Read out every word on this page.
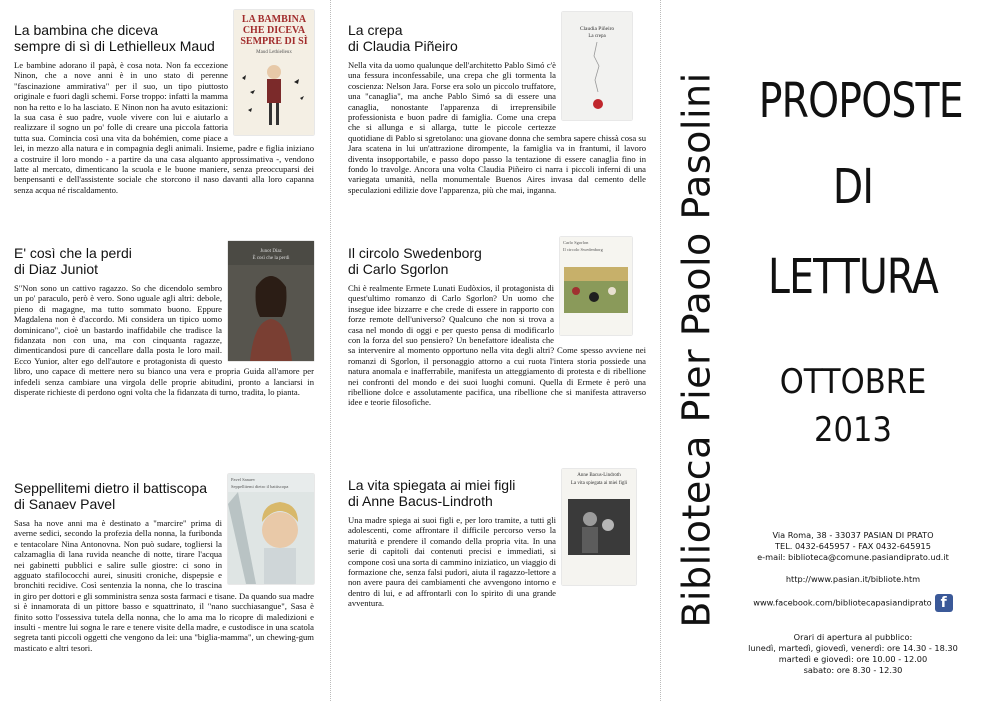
LA BAMBINA CHE DICEVA SEMPRE DI SÌ
Maud Lethielleux
La bambina che diceva
sempre di sì di Lethielleux Maud

Le bambine adorano il papà, è cosa nota. Non fa eccezione Ninon, che a nove anni è in uno stato di perenne "fascinazione ammirativa" per il suo, un tipo piuttosto originale e fuori dagli schemi. Forse troppo: infatti la mamma non ha retto e lo ha lasciato. E Ninon non ha avuto esitazioni: la sua casa è suo padre, vuole vivere con lui e aiutarlo a realizzare il sogno un po' folle di creare una piccola fattoria tutta sua. Comincia così una vita da bohémien, come piace a lei, in mezzo alla natura e in compagnia degli animali. Insieme, padre e figlia iniziano a costruire il loro mondo - a partire da una casa alquanto approssimativa -, vendono latte al mercato, dimenticano la scuola e le buone maniere, senza preoccuparsi dei benpensanti e dell'assistente sociale che storcono il naso davanti alla loro capanna senza acqua né riscaldamento.

Junot Díaz
È così che la perdi
E' così che la perdi
di Diaz Juniot

S"Non sono un cattivo ragazzo. So che dicendolo sembro un po' paraculo, però è vero. Sono uguale agli altri: debole, pieno di magagne, ma tutto sommato buono. Eppure Magdalena non è d'accordo. Mi considera un tipico uomo dominicano", cioè un bastardo inaffidabile che tradisce la fidanzata non con una, ma con cinquanta ragazze, dimenticandosi pure di cancellare dalla posta le loro mail. Ecco Yunior, alter ego dell'autore e protagonista di questo libro, uno capace di mettere nero su bianco una vera e propria Guida all'amore per infedeli senza cambiare una virgola delle proprie abitudini, pronto a lanciarsi in disperate richieste di perdono ogni volta che la fidanzata di turno, tradita, lo pianta.

Pavel Sanaev
Seppellitemi dietro il battiscopa
Seppellitemi dietro il battiscopa
di Sanaev Pavel

Sasa ha nove anni ma è destinato a "marcire" prima di averne sedici, secondo la profezia della nonna, la furibonda e tentacolare Nina Antonovna. Non può sudare, togliersi la calzamaglia di lana ruvida neanche di notte, tirare l'acqua nei gabinetti pubblici e salire sulle giostre: ci sono in agguato stafilococchi aurei, sinusiti croniche, dispepsie e bronchiti recidive. Così sentenzia la nonna, che lo trascina in giro per dottori e gli somministra senza sosta farmaci e tisane. Da quando sua madre si è innamorata di un pittore basso e squattrinato, il "nano succhiasangue", Sasa è finito sotto l'ossessiva tutela della nonna, che lo ama ma lo ricopre di maledizioni e insulti - mentre lui sogna le rare e tenere visite della madre, e custodisce in una scatola segreta tanti piccoli oggetti che vengono da lei: una "biglia-mamma", un chewing-gum masticato e altri tesori.

Claudia Piñeiro
La crepa
La crepa
di Claudia Piñeiro

Nella vita da uomo qualunque dell'architetto Pablo Simó c'è una fessura inconfessabile, una crepa che gli tormenta la coscienza: Nelson Jara. Forse era solo un piccolo truffatore, una "canaglia", ma anche Pablo Simó sa di essere una canaglia, nonostante l'apparenza di irreprensibile professionista e buon padre di famiglia. Come una crepa che si allunga e si allarga, tutte le piccole certezze quotidiane di Pablo si sgretolano: una giovane donna che sembra sapere chissà cosa su Jara scatena in lui un'attrazione dirompente, la famiglia va in frantumi, il lavoro diventa insopportabile, e passo dopo passo la tentazione di essere canaglia fino in fondo lo travolge. Ancora una volta Claudia Piñeiro ci narra i piccoli inferni di una variegata umanità, nella monumentale Buenos Aires invasa dal cemento delle speculazioni edilizie dove l'apparenza, più che mai, inganna.

Carlo Sgorlon
Il circolo Swedenborg
Il circolo Swedenborg
di Carlo Sgorlon

Chi è realmente Ermete Lunati Eudòxios, il protagonista di quest'ultimo romanzo di Carlo Sgorlon? Un uomo che insegue idee bizzarre e che crede di essere in rapporto con forze remote dell'universo? Qualcuno che non si trova a casa nel mondo di oggi e per questo pensa di modificarlo con la forza del suo pensiero? Un benefattore idealista che sa intervenire al momento opportuno nella vita degli altri? Come spesso avviene nei romanzi di Sgorlon, il personaggio attorno a cui ruota l'intera storia possiede una natura anomala e inafferrabile, manifesta un atteggiamento di protesta e di ribellione nei confronti del mondo e dei suoi luoghi comuni. Quella di Ermete è però una ribellione dolce e assolutamente pacifica, una ribellione che si manifesta attraverso idee e teorie filosofiche.

Anne Bacus-Lindroth
La vita spiegata ai miei figli
La vita spiegata ai miei figli
di Anne Bacus-Lindroth

Una madre spiega ai suoi figli e, per loro tramite, a tutti gli adolescenti, come affrontare il difficile percorso verso la maturità e prendere il comando della propria vita. In una serie di capitoli dai contenuti precisi e immediati, si compone così una sorta di cammino iniziatico, un viaggio di formazione che, senza falsi pudori, aiuta il ragazzo-lettore a non avere paura dei cambiamenti che avvengono intorno e dentro di lui, e ad affrontarli con lo spirito di una grande avventura.	Biblioteca Pier Paolo Pasolini PROPOSTE
DI
LETTURA
OTTOBRE
2013
Via Roma, 38 - 33037 PASIAN DI PRATO
TEL. 0432-645957 - FAX 0432-645915
e-mail: biblioteca@comune.pasiandiprato.ud.it
http://www.pasian.it/bibliote.htm
www.facebook.com/bibliotecapasiandiprato f
Orari di apertura al pubblico:
lunedì, martedì, giovedì, venerdì: ore 14.30 - 18.30
martedì e giovedì: ore 10.00 - 12.00
sabato: ore 8.30 - 12.30
